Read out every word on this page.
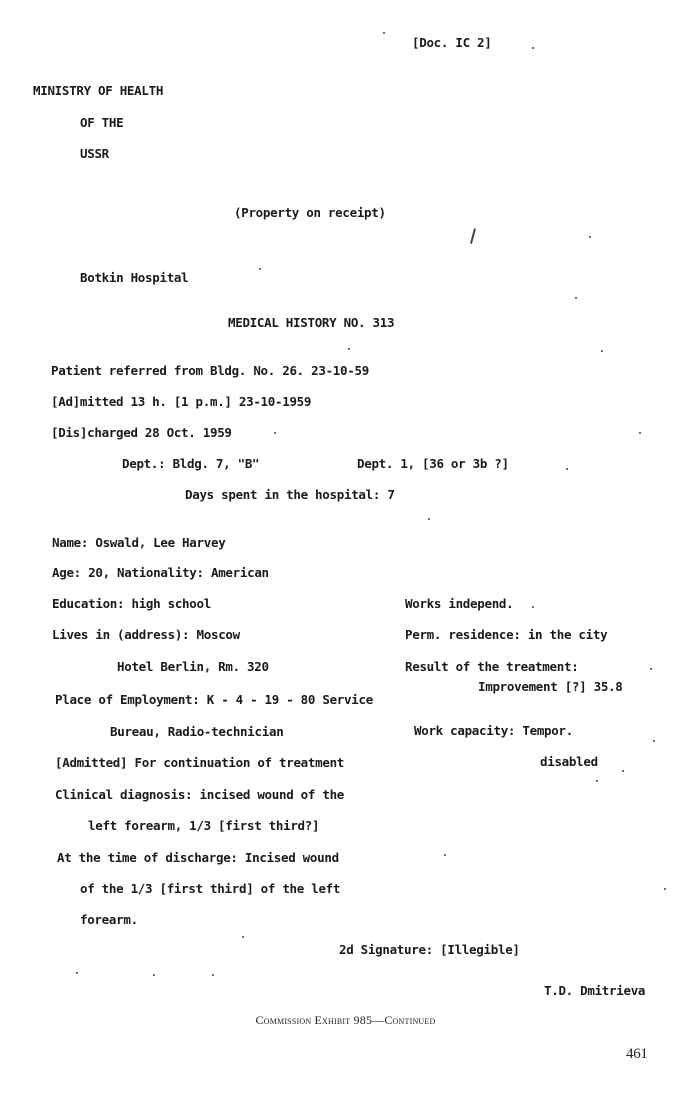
[Doc. IC 2]
MINISTRY OF HEALTH
OF THE
USSR
(Property on receipt)
Botkin Hospital
MEDICAL HISTORY NO. 313
Patient referred from Bldg. No. 26. 23-10-59
[Ad]mitted 13 h. [1 p.m.] 23-10-1959
[Dis]charged 28 Oct. 1959
Dept.: Bldg. 7, "B"	Dept. 1, [36 or 3b ?]
Days spent in the hospital: 7
Name: Oswald, Lee Harvey
Age: 20, Nationality: American
Education: high school	Works independ.
Lives in (address): Moscow	Perm. residence: in the city
Hotel Berlin, Rm. 320	Result of the treatment:
Improvement [?] 35.8
Place of Employment: K - 4 - 19 - 80 Service
Bureau, Radio-technician	Work capacity: Tempor.
disabled
[Admitted] For continuation of treatment
Clinical diagnosis: incised wound of the
left forearm, 1/3 [first third?]
At the time of discharge: Incised wound
of the 1/3 [first third] of the left
forearm.
2d Signature: [Illegible]
T.D. Dmitrieva
Commission Exhibit 985—Continued
461
